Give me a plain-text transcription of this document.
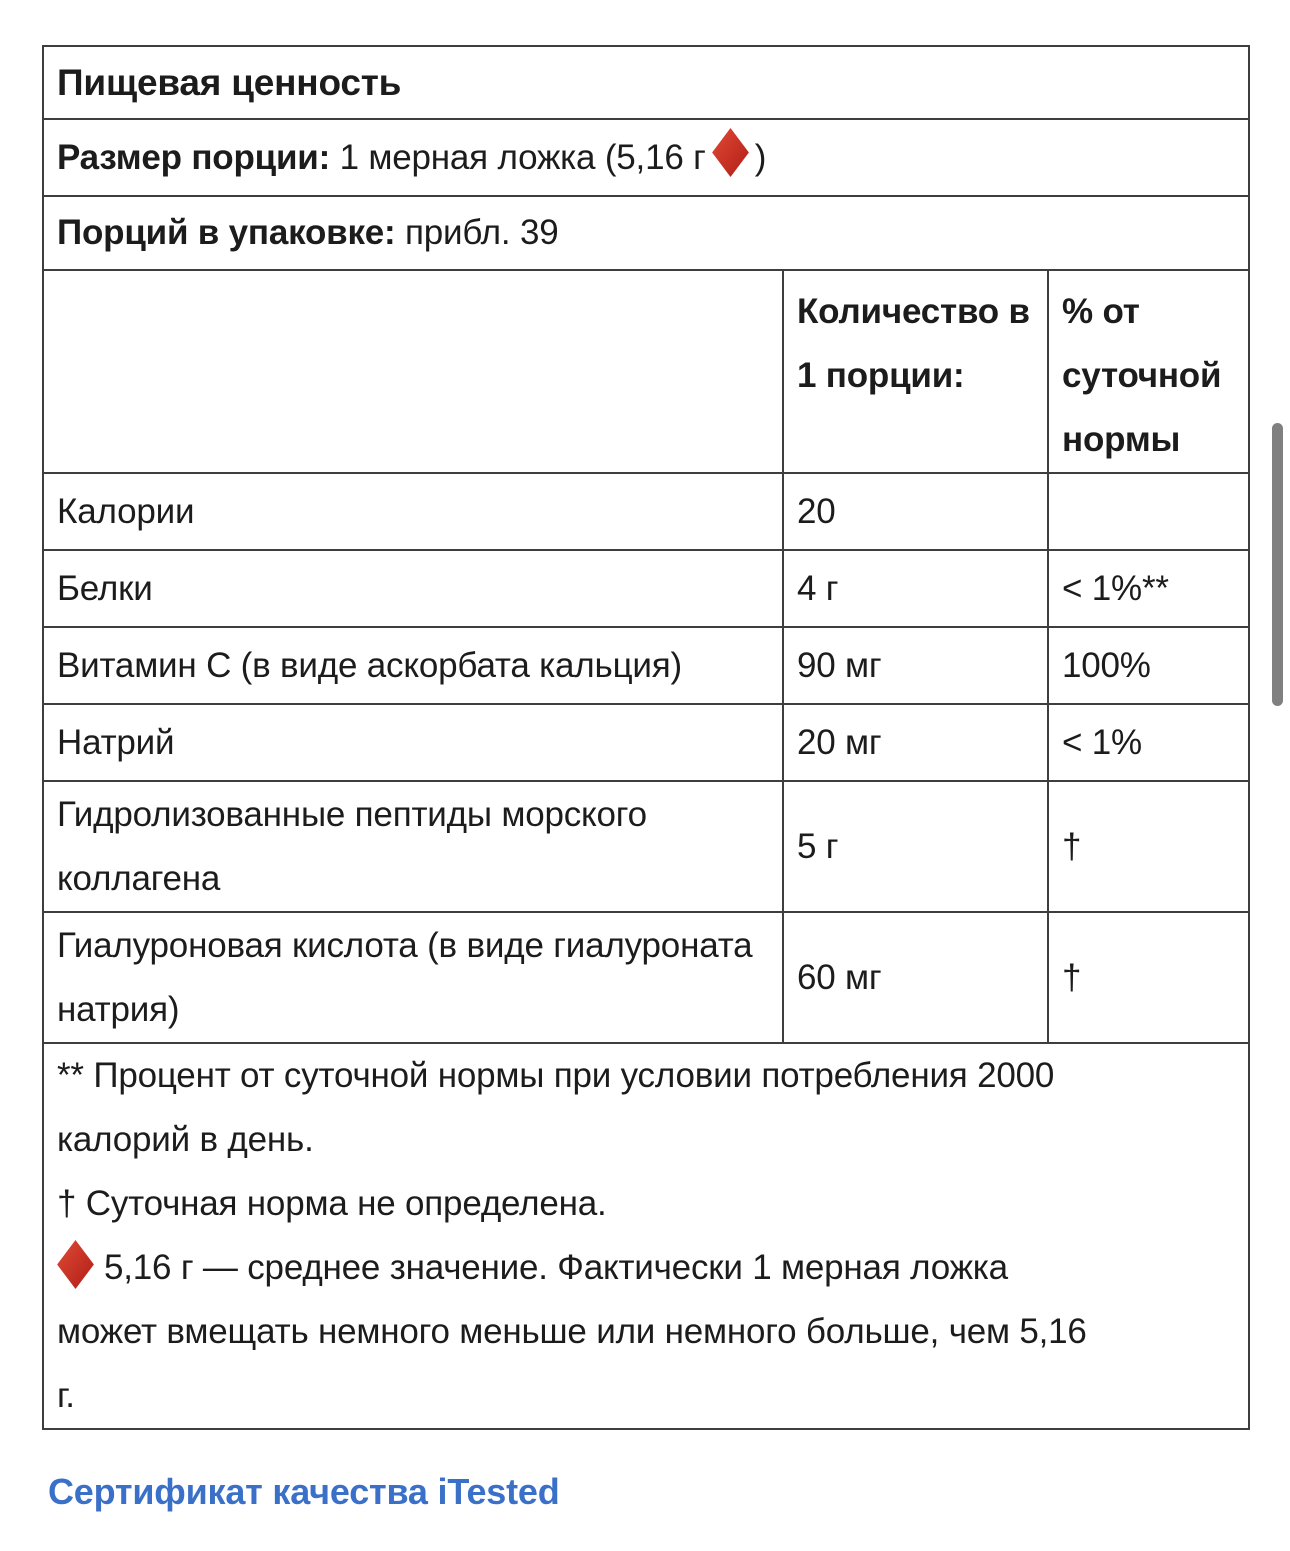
Пищевая ценность		
Размер порции: 1 мерная ложка (5,16 г )		
Порций в упаковке: прибл. 39		
	Количество в 1 порции:	% от суточной нормы
Калории	20	
Белки	4 г	< 1%**
Витамин C (в виде аскорбата кальция)	90 мг	100%
Натрий	20 мг	< 1%
Гидролизованные пептиды морского коллагена	5 г	†
Гиалуроновая кислота (в виде гиалуроната натрия)	60 мг	†

** Процент от суточной нормы при условии потребления 2000 калорий в день.
† Суточная норма не определена.
5,16 г — среднее значение. Фактически 1 мерная ложка может вмещать немного меньше или немного больше, чем 5,16 г.		
Сертификат качества iTested
